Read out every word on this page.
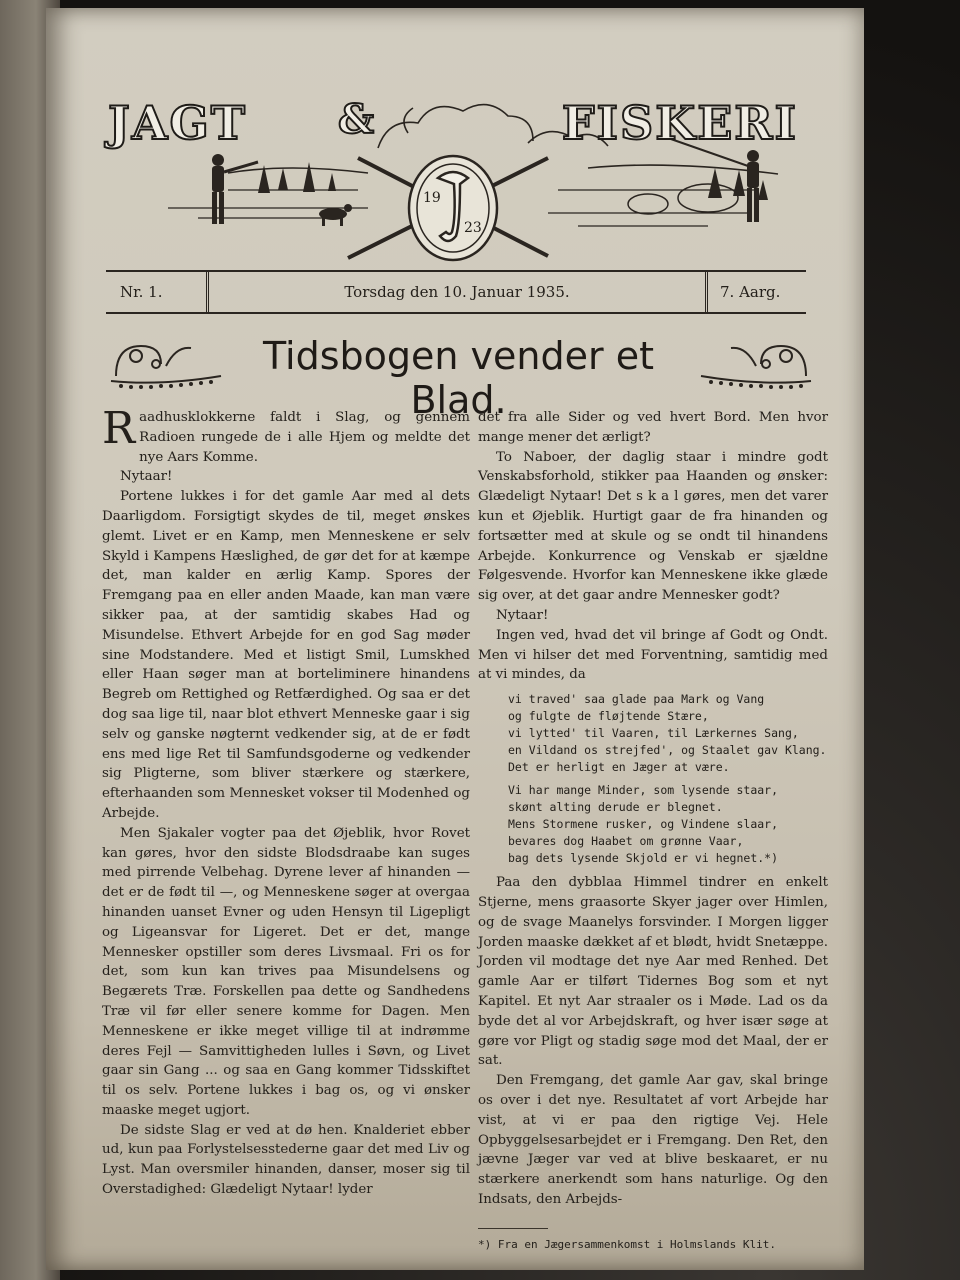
JAGT &	FISKERI
19
23
Nr. 1.	Torsdag den 10. Januar 1935.	7. Aarg.
Tidsbogen vender et Blad.

Raadhusklokkerne faldt i Slag, og gennem Radioen rungede de i alle Hjem og meldte det nye Aars Komme.

Nytaar!

Portene lukkes i for det gamle Aar med al dets Daarligdom. Forsigtigt skydes de til, meget ønskes glemt. Livet er en Kamp, men Menneskene er selv Skyld i Kampens Hæslighed, de gør det for at kæmpe det, man kalder en ærlig Kamp. Spores der Fremgang paa en eller anden Maade, kan man være sikker paa, at der samtidig skabes Had og Misundelse. Ethvert Arbejde for en god Sag møder sine Modstandere. Med et listigt Smil, Lumskhed eller Haan søger man at borteliminere hinandens Begreb om Rettighed og Retfærdighed. Og saa er det dog saa lige til, naar blot ethvert Menneske gaar i sig selv og ganske nøgternt vedkender sig, at de er født ens med lige Ret til Samfundsgoderne og vedkender sig Pligterne, som bliver stærkere og stærkere, efterhaanden som Mennesket vokser til Modenhed og Arbejde.

Men Sjakaler vogter paa det Øjeblik, hvor Rovet kan gøres, hvor den sidste Blodsdraabe kan suges med pirrende Velbehag. Dyrene lever af hinanden — det er de født til —, og Menneskene søger at overgaa hinanden uanset Evner og uden Hensyn til Ligepligt og Ligeansvar for Ligeret. Det er det, mange Mennesker opstiller som deres Livsmaal. Fri os for det, som kun kan trives paa Misundelsens og Begærets Træ. Forskellen paa dette og Sandhedens Træ vil før eller senere komme for Dagen. Men Menneskene er ikke meget villige til at indrømme deres Fejl — Samvittigheden lulles i Søvn, og Livet gaar sin Gang ... og saa en Gang kommer Tidsskiftet til os selv. Portene lukkes i bag os, og vi ønsker maaske meget ugjort.

De sidste Slag er ved at dø hen. Knalderiet ebber ud, kun paa Forlystelsesstederne gaar det med Liv og Lyst. Man oversmiler hinanden, danser, moser sig til Overstadighed: Glædeligt Nytaar! lyder

det fra alle Sider og ved hvert Bord. Men hvor mange mener det ærligt?

To Naboer, der daglig staar i mindre godt Venskabsforhold, stikker paa Haanden og ønsker: Glædeligt Nytaar! Det s k a l gøres, men det varer kun et Øjeblik. Hurtigt gaar de fra hinanden og fortsætter med at skule og se ondt til hinandens Arbejde. Konkurrence og Venskab er sjældne Følgesvende. Hvorfor kan Menneskene ikke glæde sig over, at det gaar andre Mennesker godt?

Nytaar!

Ingen ved, hvad det vil bringe af Godt og Ondt. Men vi hilser det med Forventning, samtidig med at vi mindes, da

vi traved' saa glade paa Mark og Vang
og fulgte de fløjtende Stære,
vi lytted' til Vaaren, til Lærkernes Sang,
en Vildand os strejfed', og Staalet gav Klang.
Det er herligt en Jæger at være.
Vi har mange Minder, som lysende staar,
skønt alting derude er blegnet.
Mens Stormene rusker, og Vindene slaar,
bevares dog Haabet om grønne Vaar,
bag dets lysende Skjold er vi hegnet.*)

Paa den dybblaa Himmel tindrer en enkelt Stjerne, mens graasorte Skyer jager over Himlen, og de svage Maanelys forsvinder. I Morgen ligger Jorden maaske dækket af et blødt, hvidt Snetæppe. Jorden vil modtage det nye Aar med Renhed. Det gamle Aar er tilført Tidernes Bog som et nyt Kapitel. Et nyt Aar straaler os i Møde. Lad os da byde det al vor Arbejdskraft, og hver især søge at gøre vor Pligt og stadig søge mod det Maal, der er sat.

Den Fremgang, det gamle Aar gav, skal bringe os over i det nye. Resultatet af vort Arbejde har vist, at vi er paa den rigtige Vej. Hele Opbyggelsesarbejdet er i Fremgang. Den Ret, den jævne Jæger var ved at blive beskaaret, er nu stærkere anerkendt som hans naturlige. Og den Indsats, den Arbejds-

*) Fra en Jægersammenkomst i Holmslands Klit.
